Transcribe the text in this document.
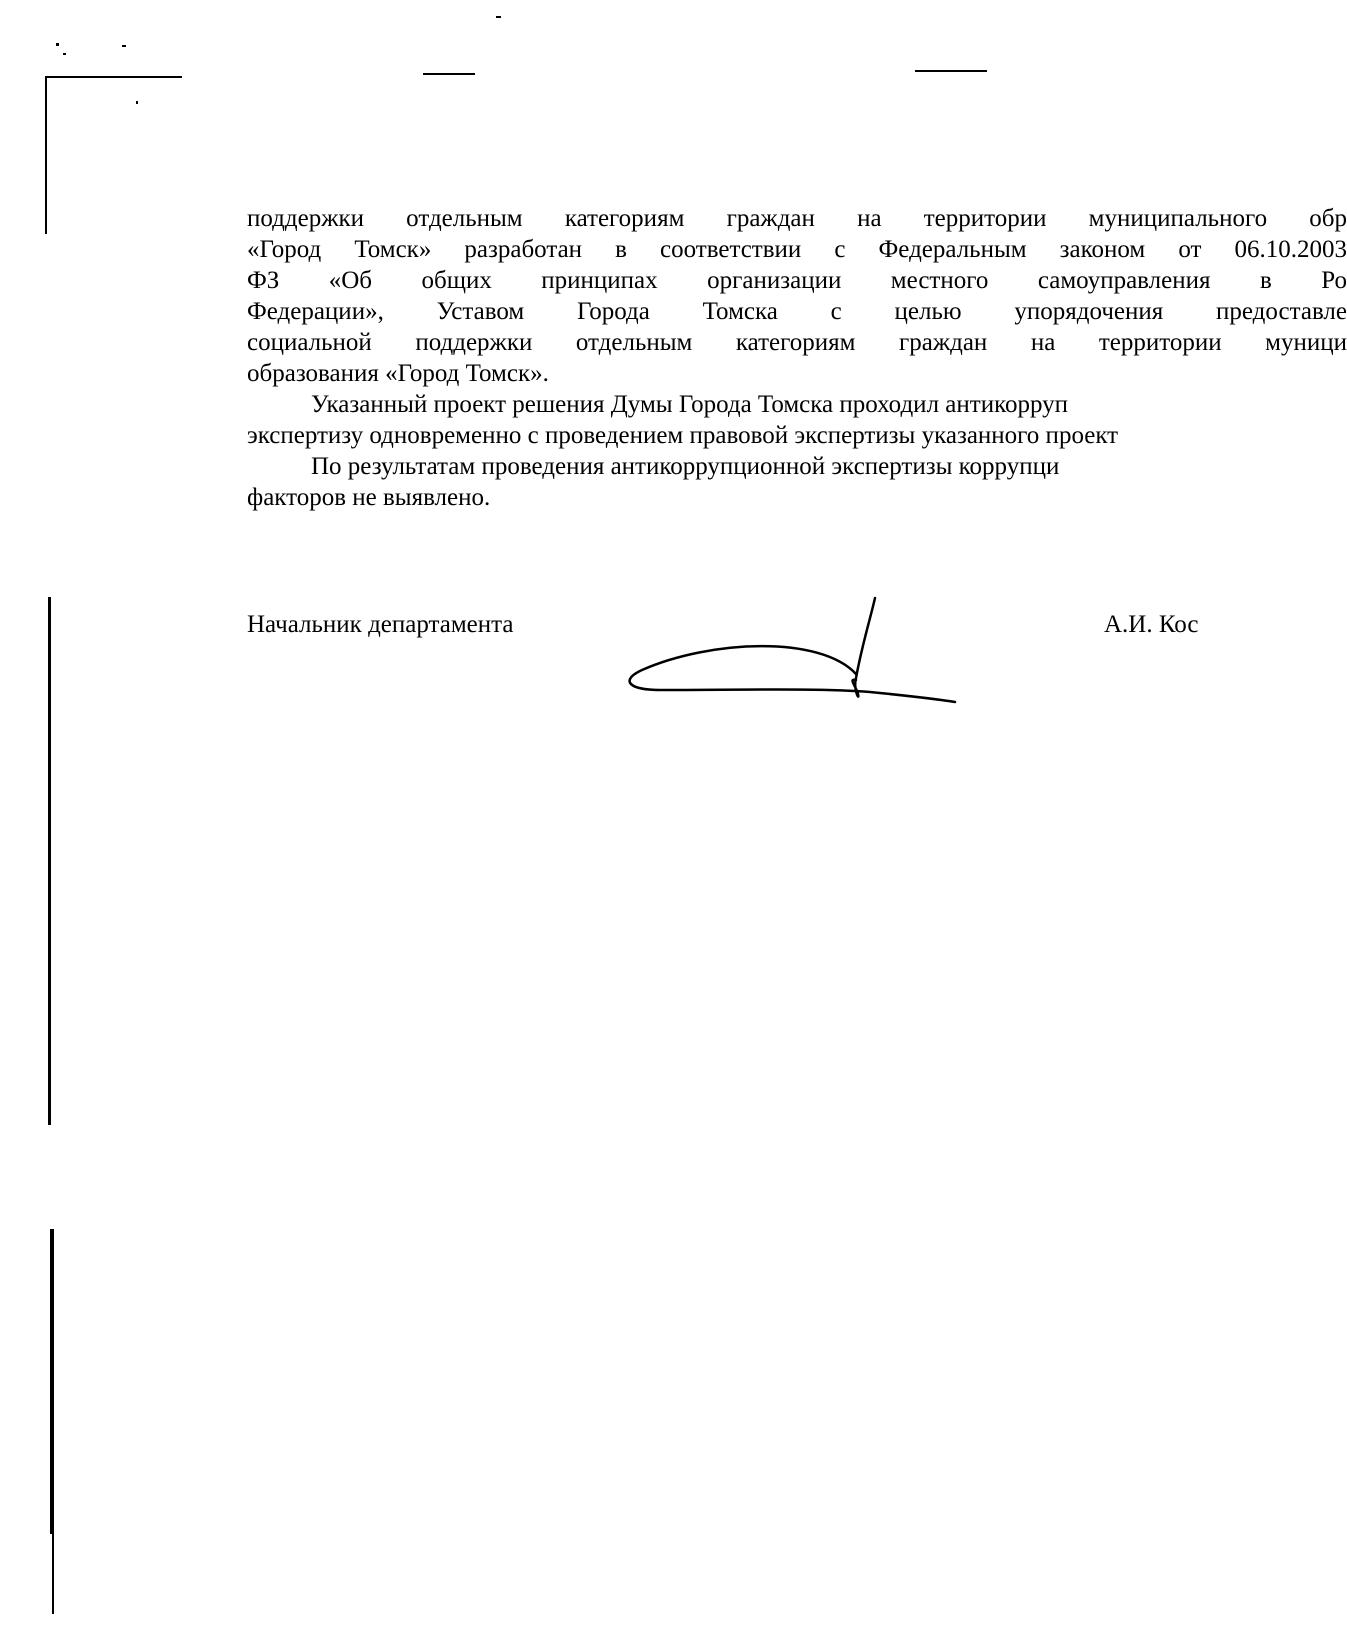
поддержки отдельным категориям граждан на территории муниципального обр
«Город Томск» разработан в соответствии с Федеральным законом от 06.10.2003
ФЗ «Об общих принципах организации местного самоуправления в Ро
Федерации», Уставом Города Томска с целью упорядочения предоставле
социальной поддержки отдельным категориям граждан на территории муници
образования «Город Томск».
Указанный проект решения Думы Города Томска проходил антикорруп
экспертизу одновременно с проведением правовой экспертизы указанного проект
По результатам проведения антикоррупционной экспертизы коррупци
факторов не выявлено.
Начальник департамента	А.И. Кос
